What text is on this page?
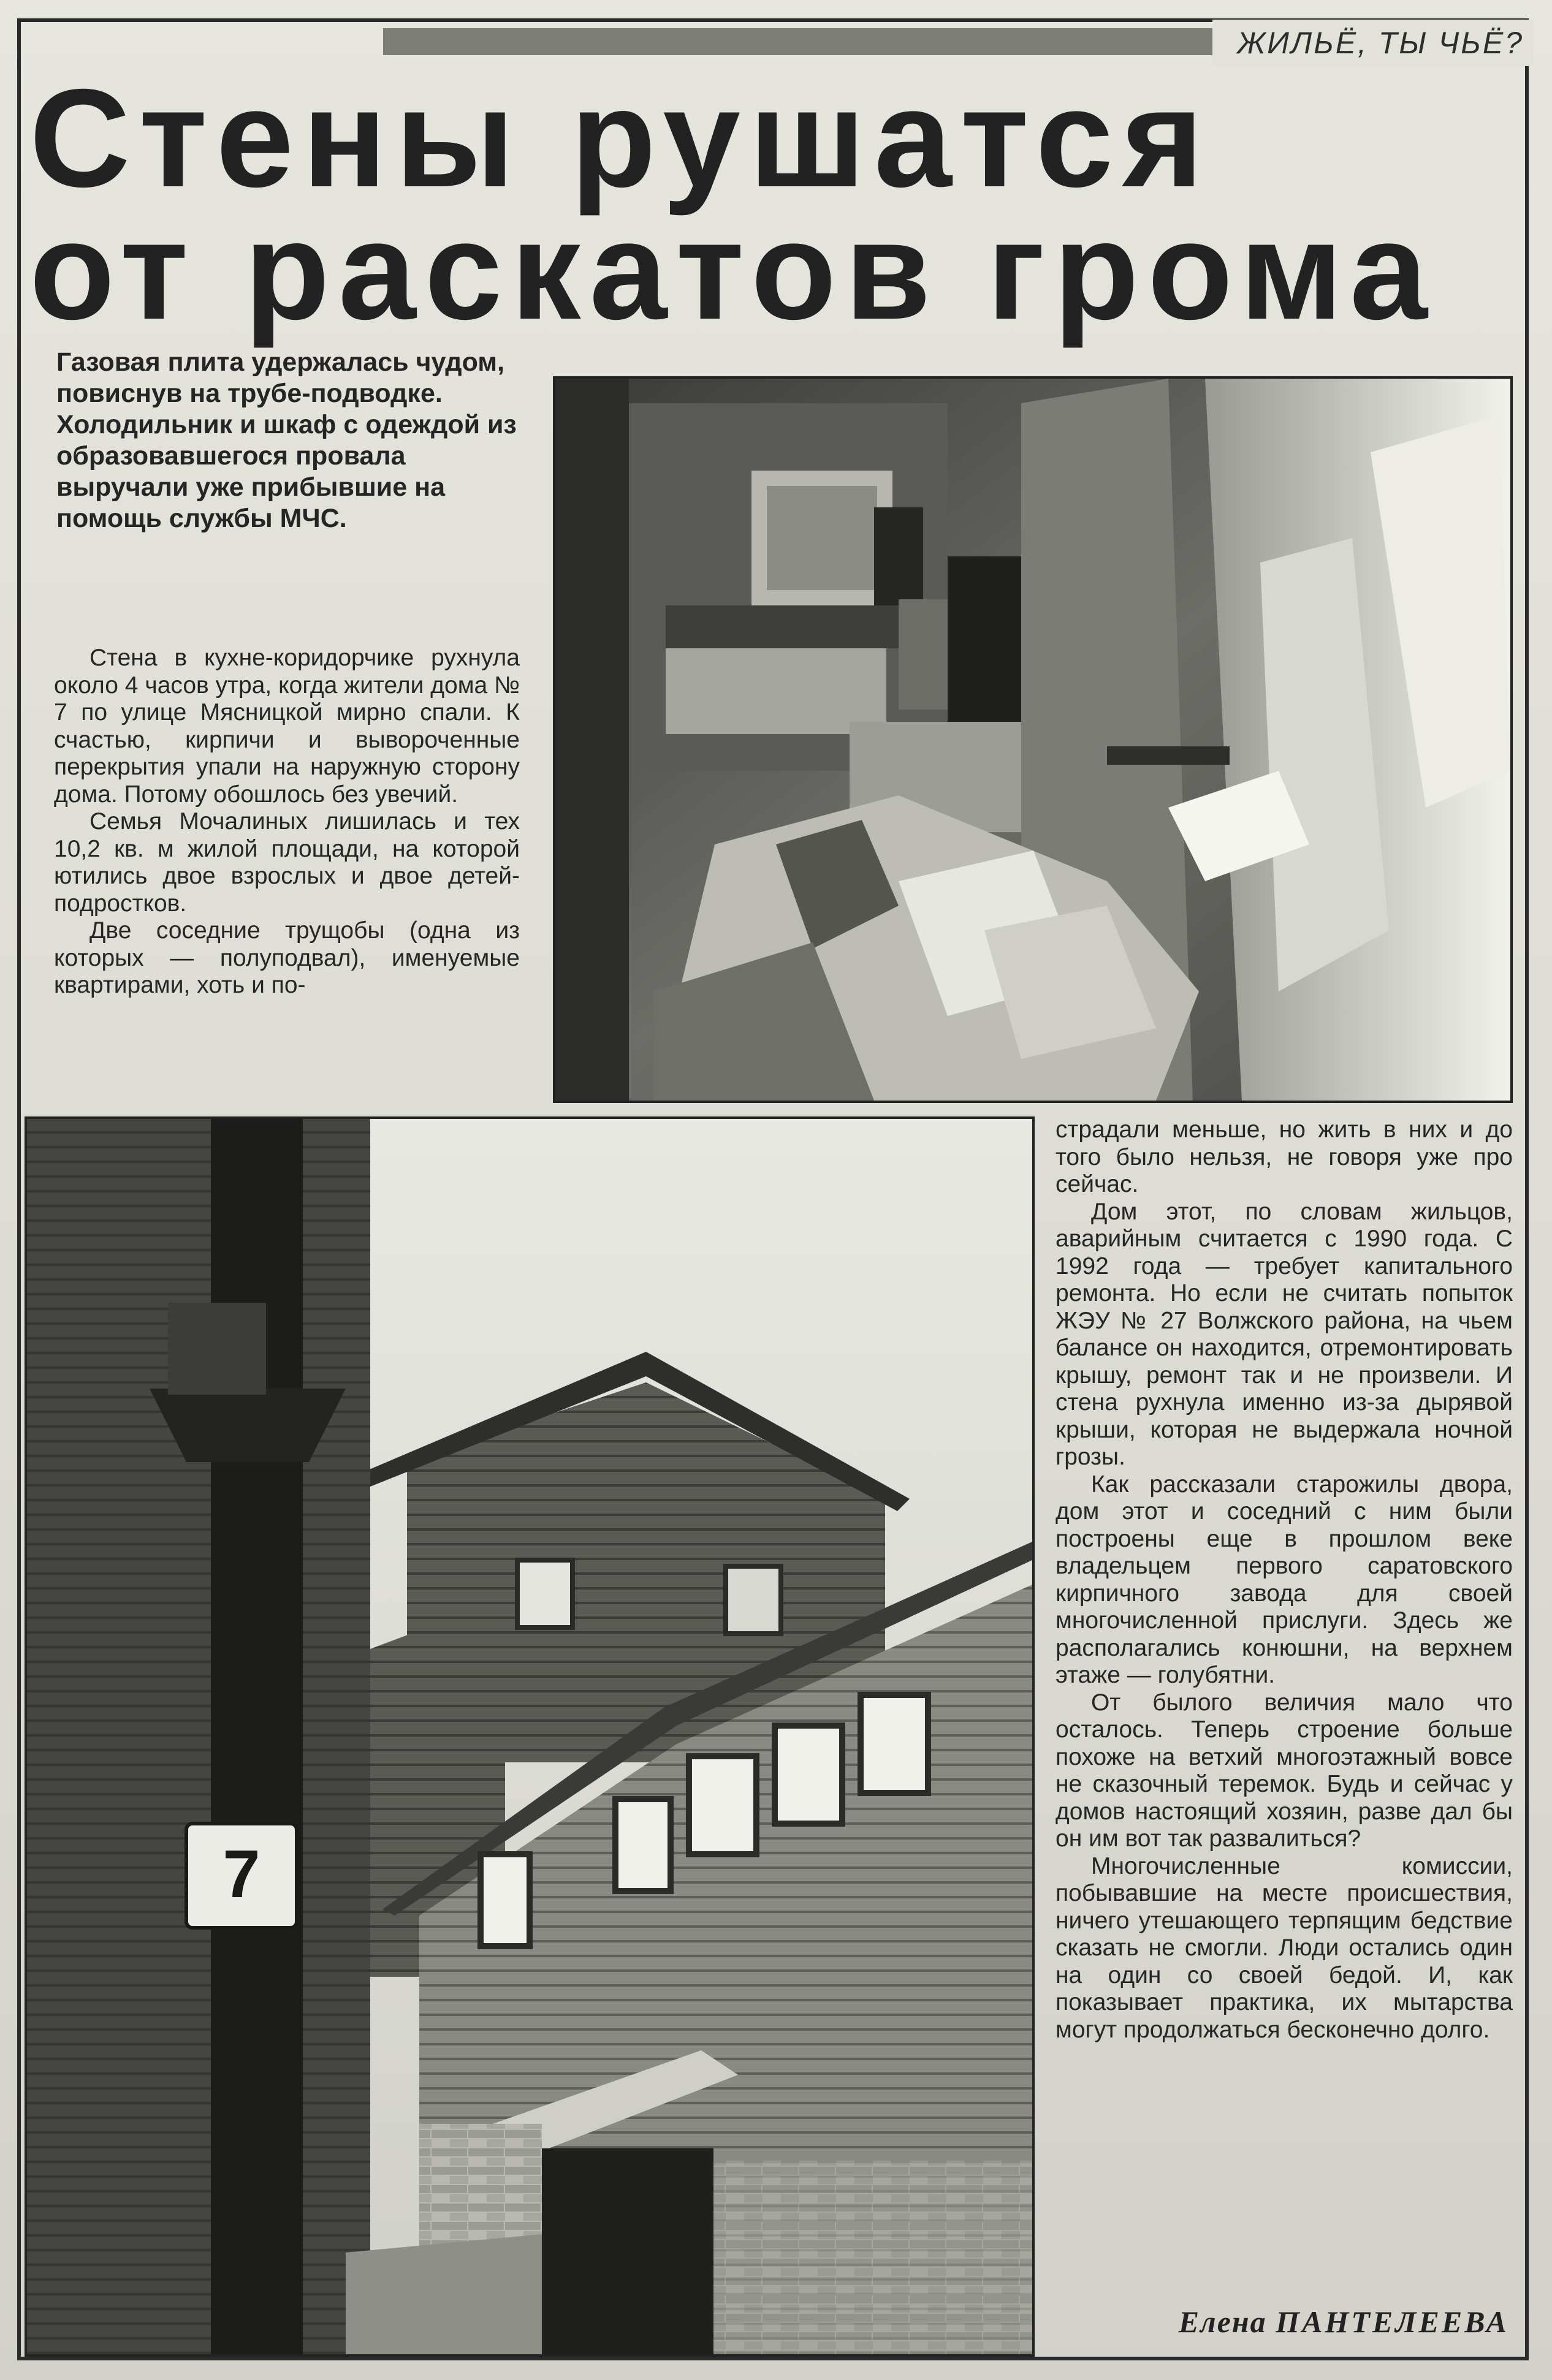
ЖИЛЬЁ, ТЫ ЧЬЁ?
Стены рушатся
от раскатов грома
Газовая плита удержалась чудом, повиснув на трубе-подводке. Холодильник и шкаф с одеждой из образовавшегося провала выручали уже прибывшие на помощь службы МЧС.

Стена в кухне-коридорчике рухнула около 4 часов утра, когда жители дома № 7 по улице Мясницкой мирно спали. К счастью, кирпичи и вывороченные перекрытия упали на наружную сторону дома. Потому обошлось без увечий.

Семья Мочалиных лишилась и тех 10,2 кв. м жилой площади, на которой ютились двое взрослых и двое детей-подростков.

Две соседние трущобы (одна из которых — полуподвал), именуемые квартирами, хоть и по-

7

страдали меньше, но жить в них и до того было нельзя, не говоря уже про сейчас.

Дом этот, по словам жильцов, аварийным считается с 1990 года. С 1992 года — требует капитального ремонта. Но если не считать попыток ЖЭУ № 27 Волжского района, на чьем балансе он находится, отремонтировать крышу, ремонт так и не произвели. И стена рухнула именно из-за дырявой крыши, которая не выдержала ночной грозы.

Как рассказали старожилы двора, дом этот и соседний с ним были построены еще в прошлом веке владельцем первого саратовского кирпичного завода для своей многочисленной прислуги. Здесь же располагались конюшни, на верхнем этаже — голубятни.

От былого величия мало что осталось. Теперь строение больше похоже на ветхий многоэтажный вовсе не сказочный теремок. Будь и сейчас у домов настоящий хозяин, разве дал бы он им вот так развалиться?

Многочисленные комиссии, побывавшие на месте происшествия, ничего утешающего терпящим бедствие сказать не смогли. Люди остались один на один со своей бедой. И, как показывает практика, их мытарства могут продолжаться бесконечно долго.

Елена ПАНТЕЛЕЕВА
